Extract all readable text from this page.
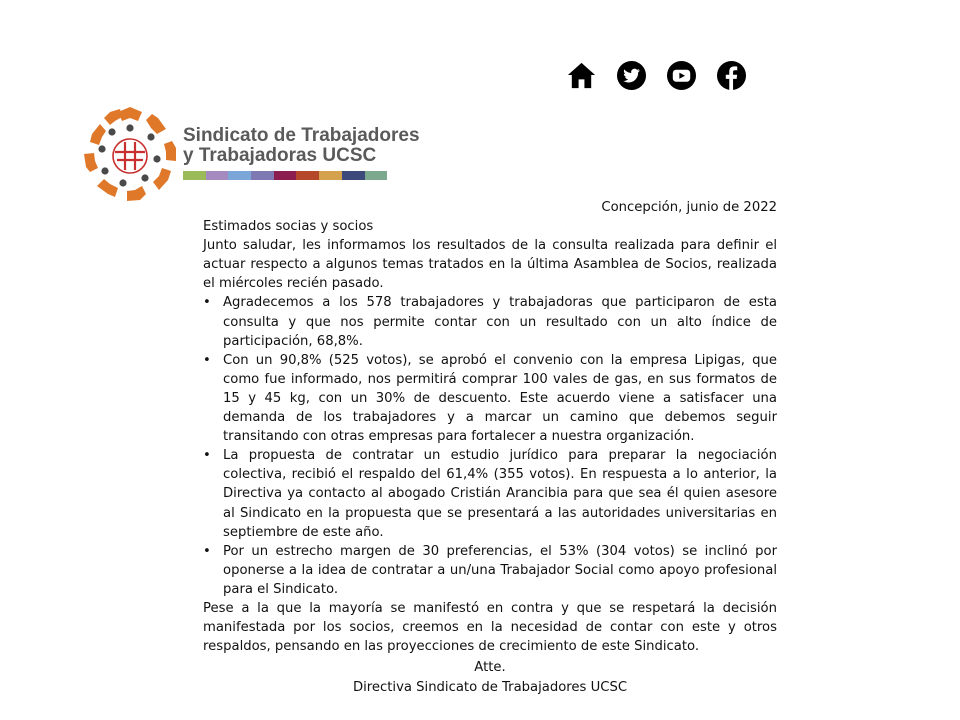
Sindicato de Trabajadores
y Trabajadoras UCSC

Concepción, junio de 2022

Estimados socias y socios

Junto saludar, les informamos los resultados de la consulta realizada para definir el actuar respecto a algunos temas tratados en la última Asamblea de Socios, realizada el miércoles recién pasado.

• Agradecemos a los 578 trabajadores y trabajadoras que participaron de esta consulta y que nos permite contar con un resultado con un alto índice de participación, 68,8%.
• Con un 90,8% (525 votos), se aprobó el convenio con la empresa Lipigas, que como fue informado, nos permitirá comprar 100 vales de gas, en sus formatos de 15 y 45 kg, con un 30% de descuento. Este acuerdo viene a satisfacer una demanda de los trabajadores y a marcar un camino que debemos seguir transitando con otras empresas para fortalecer a nuestra organización.
• La propuesta de contratar un estudio jurídico para preparar la negociación colectiva, recibió el respaldo del 61,4% (355 votos). En respuesta a lo anterior, la Directiva ya contacto al abogado Cristián Arancibia para que sea él quien asesore al Sindicato en la propuesta que se presentará a las autoridades universitarias en septiembre de este año.
• Por un estrecho margen de 30 preferencias, el 53% (304 votos) se inclinó por oponerse a la idea de contratar a un/una Trabajador Social como apoyo profesional para el Sindicato.

Pese a la que la mayoría se manifestó en contra y que se respetará la decisión manifestada por los socios, creemos en la necesidad de contar con este y otros respaldos, pensando en las proyecciones de crecimiento de este Sindicato.

Atte.
Directiva Sindicato de Trabajadores UCSC
